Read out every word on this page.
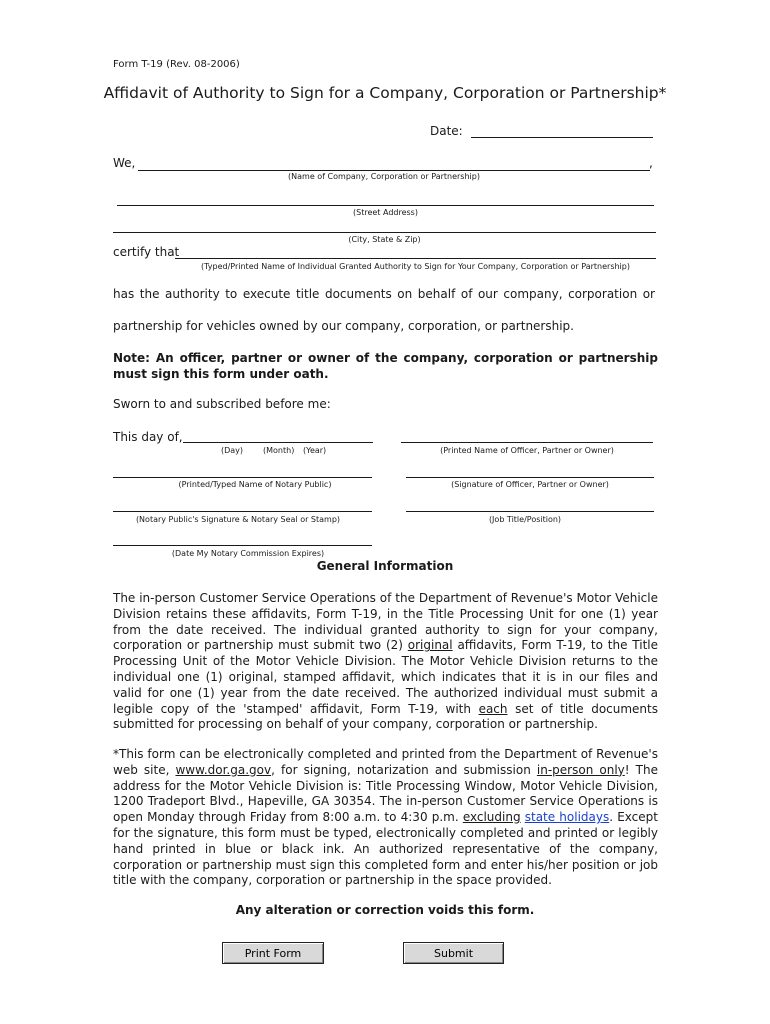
Form T-19 (Rev. 08-2006)
Affidavit of Authority to Sign for a Company, Corporation or Partnership*
Date:
We,	,
(Name of Company, Corporation or Partnership)
(Street Address)
(City, State & Zip)
certify that
(Typed/Printed Name of Individual Granted Authority to Sign for Your Company, Corporation or Partnership)
has the authority to execute title documents on behalf of our company, corporation or
partnership for vehicles owned by our company, corporation, or partnership.
Note: An officer, partner or owner of the company, corporation or partnership must sign this form under oath.
Sworn to and subscribed before me:
This day of,
(Day) (Month) (Year)	(Printed Name of Officer, Partner or Owner)
(Printed/Typed Name of Notary Public)	(Signature of Officer, Partner or Owner)
(Notary Public's Signature & Notary Seal or Stamp)	(Job Title/Position)
(Date My Notary Commission Expires)
General Information
The in-person Customer Service Operations of the Department of Revenue's Motor Vehicle Division retains these affidavits, Form T-19, in the Title Processing Unit for one (1) year from the date received. The individual granted authority to sign for your company, corporation or partnership must submit two (2) original affidavits, Form T-19, to the Title Processing Unit of the Motor Vehicle Division. The Motor Vehicle Division returns to the individual one (1) original, stamped affidavit, which indicates that it is in our files and valid for one (1) year from the date received. The authorized individual must submit a legible copy of the 'stamped' affidavit, Form T-19, with each set of title documents submitted for processing on behalf of your company, corporation or partnership.
*This form can be electronically completed and printed from the Department of Revenue's web site, www.dor.ga.gov, for signing, notarization and submission in-person only! The address for the Motor Vehicle Division is: Title Processing Window, Motor Vehicle Division, 1200 Tradeport Blvd., Hapeville, GA 30354. The in-person Customer Service Operations is open Monday through Friday from 8:00 a.m. to 4:30 p.m. excluding state holidays. Except for the signature, this form must be typed, electronically completed and printed or legibly hand printed in blue or black ink. An authorized representative of the company, corporation or partnership must sign this completed form and enter his/her position or job title with the company, corporation or partnership in the space provided.
Any alteration or correction voids this form.
Print Form	Submit
